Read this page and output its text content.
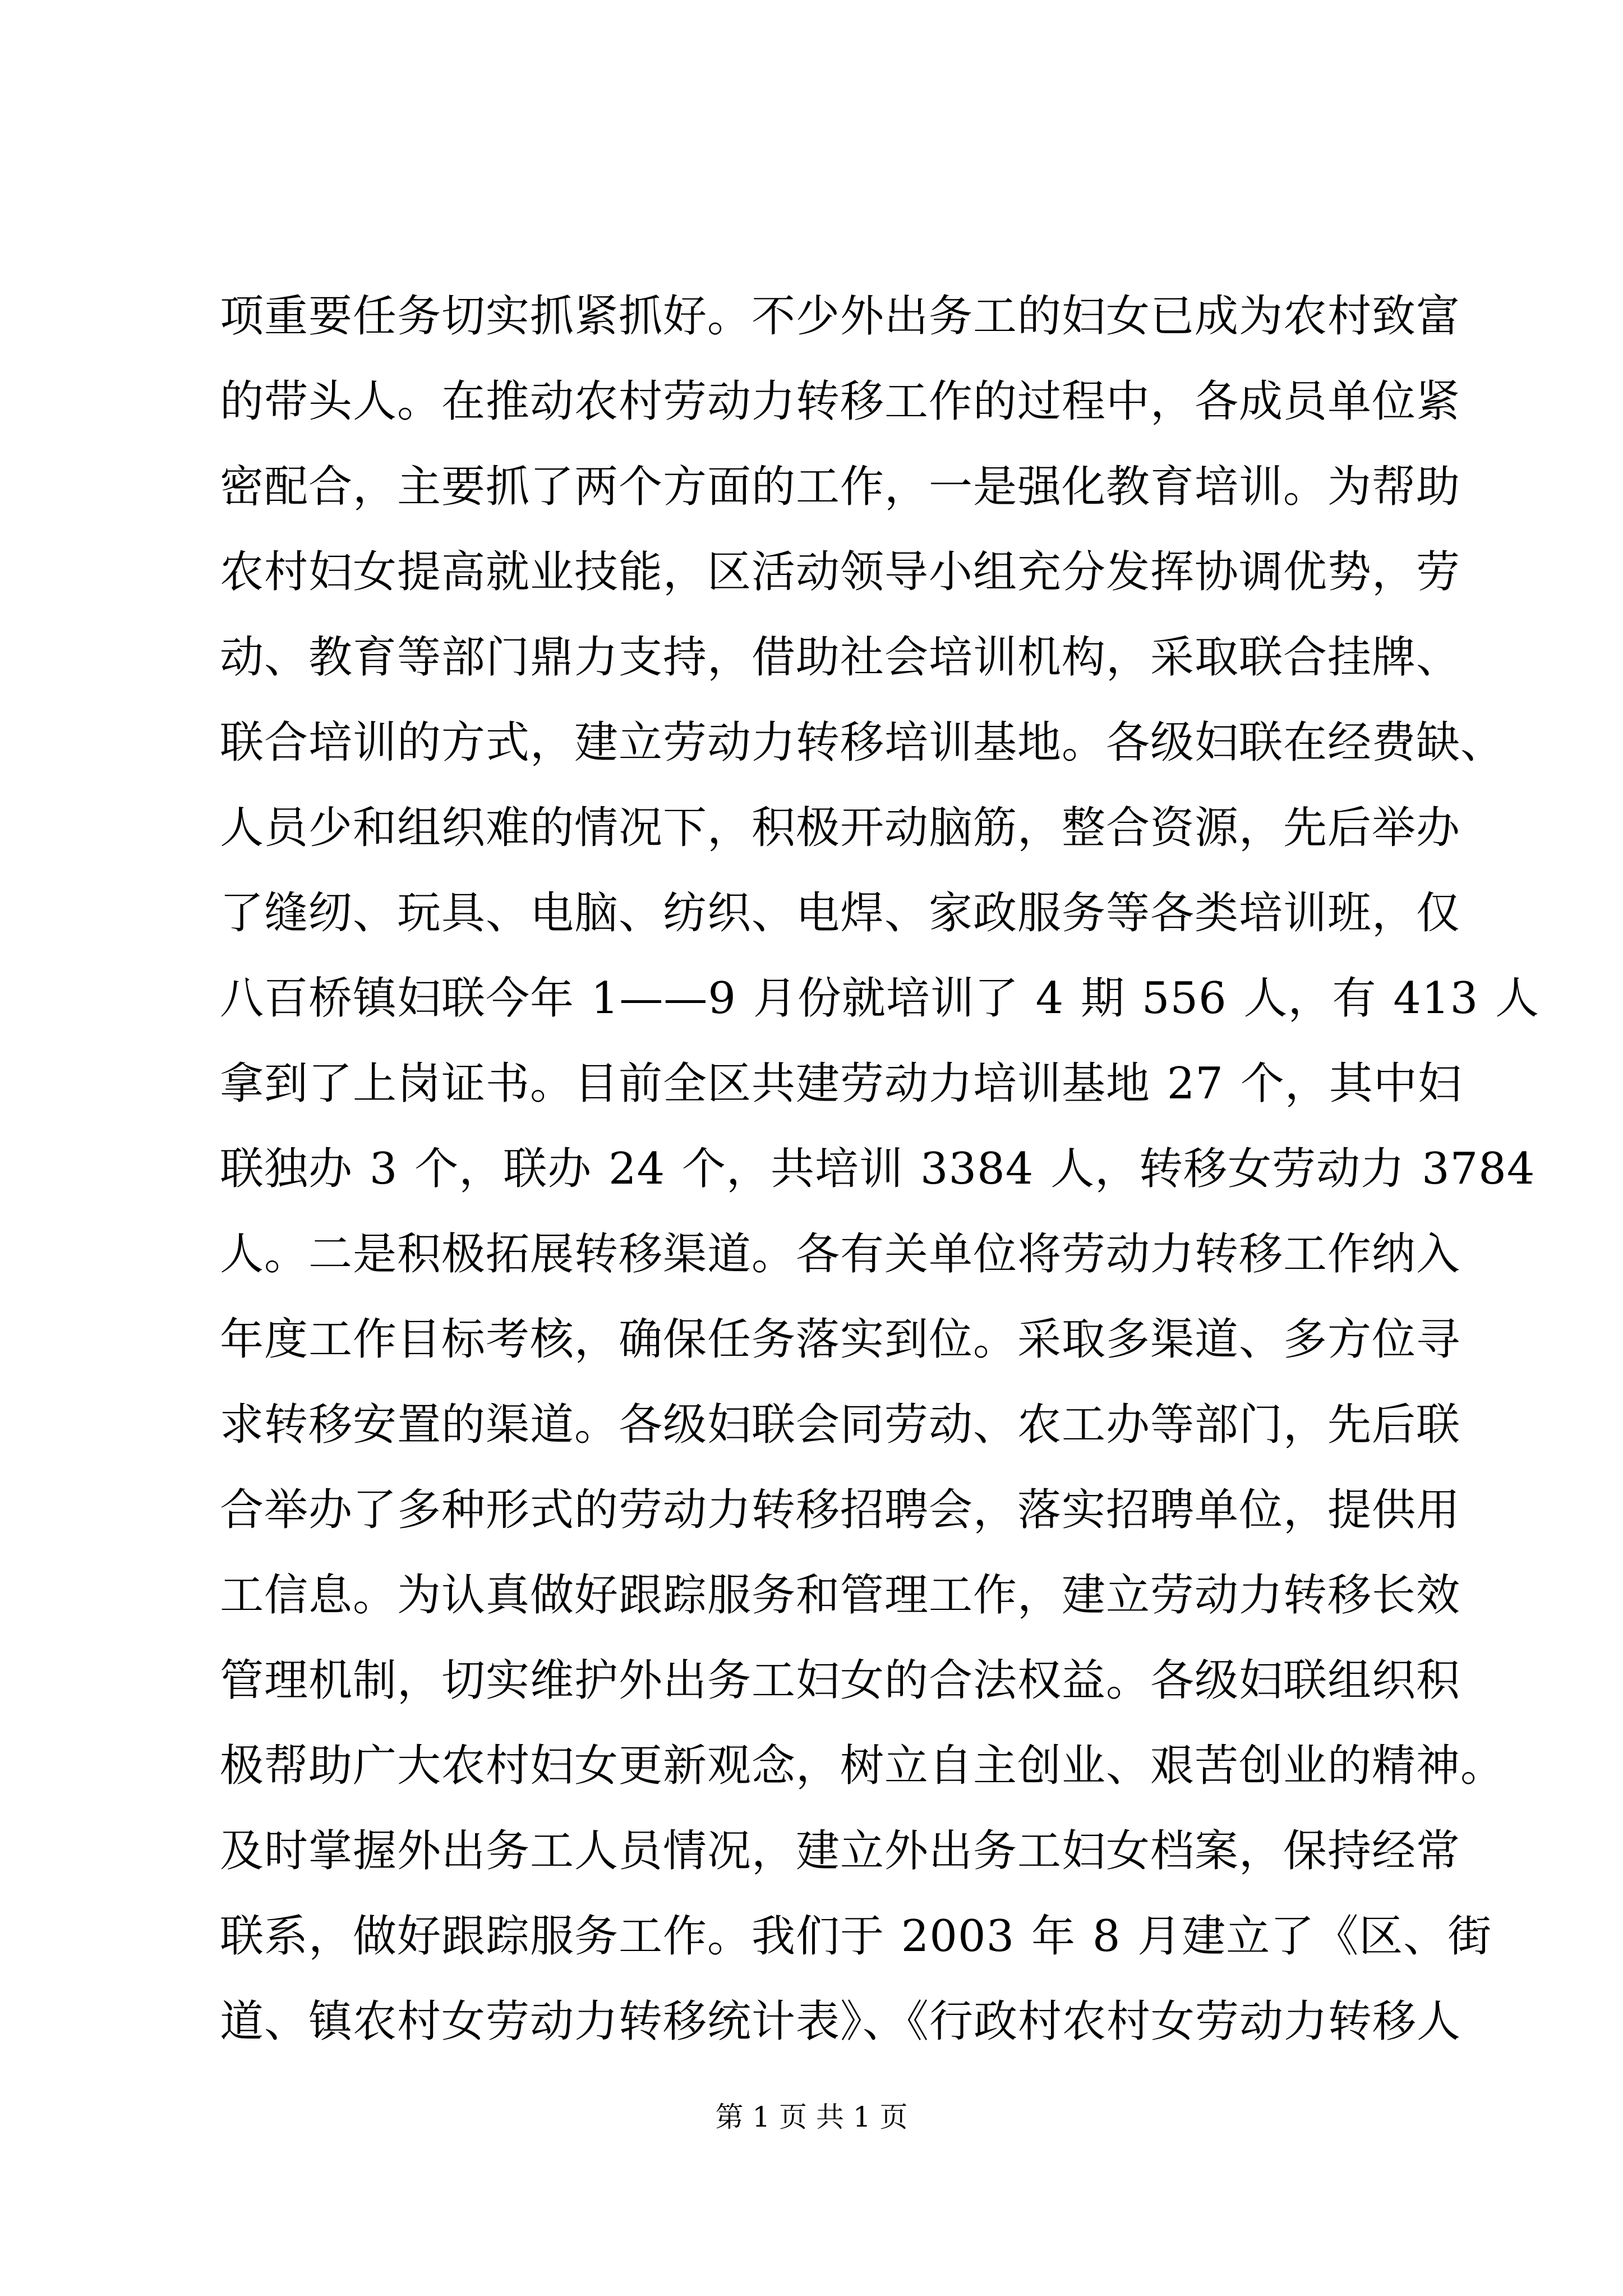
项重要任务切实抓紧抓好。不少外出务工的妇女已成为农村致富
的带头人。在推动农村劳动力转移工作的过程中，各成员单位紧
密配合，主要抓了两个方面的工作，一是强化教育培训。为帮助
农村妇女提高就业技能，区活动领导小组充分发挥协调优势，劳
动、教育等部门鼎力支持，借助社会培训机构，采取联合挂牌、
联合培训的方式，建立劳动力转移培训基地。各级妇联在经费缺、
人员少和组织难的情况下，积极开动脑筋，整合资源，先后举办
了缝纫、玩具、电脑、纺织、电焊、家政服务等各类培训班，仅
八百桥镇妇联今年 1——9 月份就培训了 4 期 556 人，有 413 人
拿到了上岗证书。目前全区共建劳动力培训基地 27 个，其中妇
联独办 3 个，联办 24 个，共培训 3384 人，转移女劳动力 3784
人。二是积极拓展转移渠道。各有关单位将劳动力转移工作纳入
年度工作目标考核，确保任务落实到位。采取多渠道、多方位寻
求转移安置的渠道。各级妇联会同劳动、农工办等部门，先后联
合举办了多种形式的劳动力转移招聘会，落实招聘单位，提供用
工信息。为认真做好跟踪服务和管理工作，建立劳动力转移长效
管理机制，切实维护外出务工妇女的合法权益。各级妇联组织积
极帮助广大农村妇女更新观念，树立自主创业、艰苦创业的精神。
及时掌握外出务工人员情况，建立外出务工妇女档案，保持经常
联系，做好跟踪服务工作。我们于 2003 年 8 月建立了《区、街
道、镇农村女劳动力转移统计表》、《行政村农村女劳动力转移人
第 1 页 共 1 页
